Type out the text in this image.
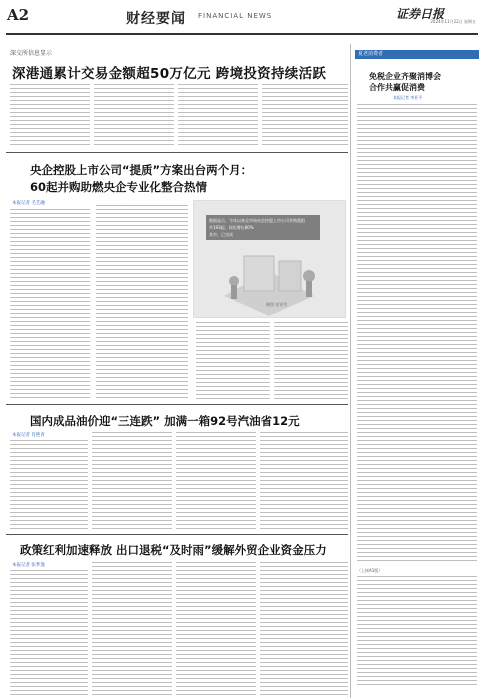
A2	财经要闻 FINANCIAL NEWS	证券日报
2024年11月22日 星期五
深交所信息显示
深港通累计交易金额超50万亿元 跨境投资持续活跃
央企控股上市公司“提质”方案出台两个月：
60起并购助燃央企专业化整合热情
本报记者 毛艺融
数据显示，今年以来全市场央企控股上市公司并购重组
共193起，同比增长80%
其中，已完成
制图 张钊雪
国内成品油价迎“三连跌” 加满一箱92号汽油省12元
本报记者 肖艳青
政策红利加速释放 出口退税“及时雨”缓解外贸企业资金压力
本报记者 张芗逸
夏老消费者
免税企业齐聚消博会
合作共赢促消费
本报记者 李亚平
（上接A1版）
